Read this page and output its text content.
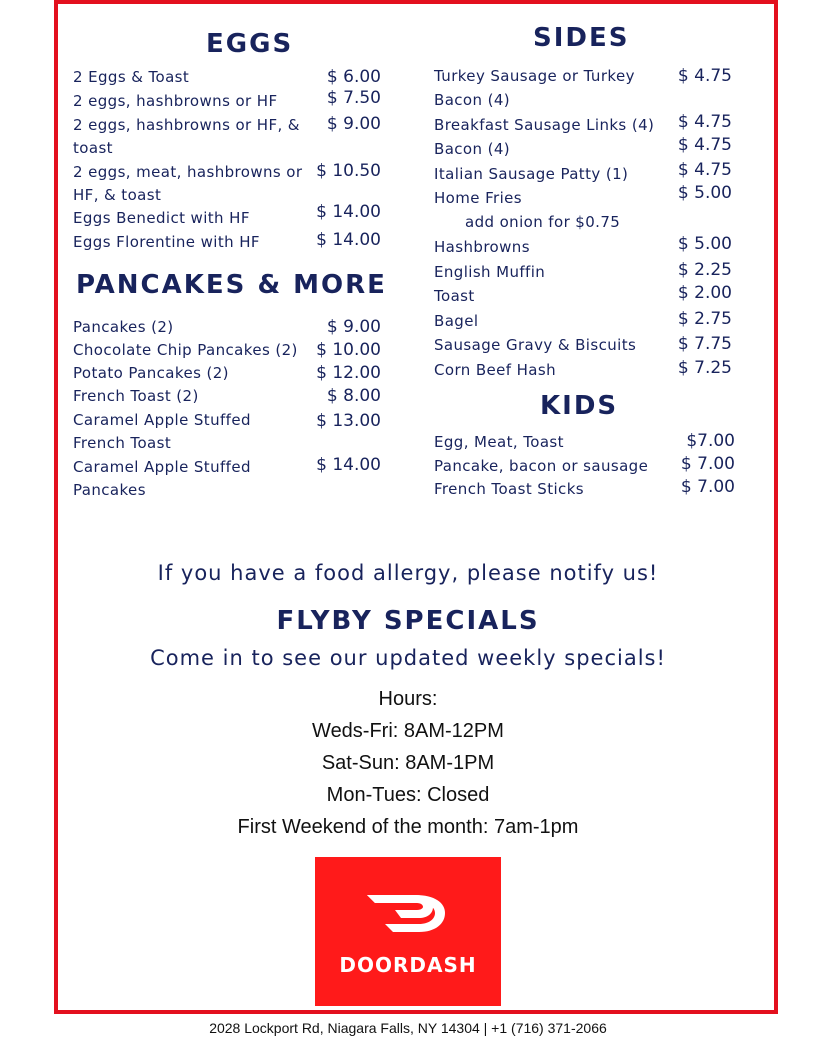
EGGS
2 Eggs & Toast	$ 6.00
2 eggs, hashbrowns or HF	$ 7.50
2 eggs, hashbrowns or HF, &
toast
$ 9.00
2 eggs, meat, hashbrowns or
HF, & toast
$ 10.50
Eggs Benedict with HF	$ 14.00
Eggs Florentine with HF	$ 14.00
PANCAKES & MORE
Pancakes (2)	$ 9.00
Chocolate Chip Pancakes (2) $ 10.00
Potato Pancakes (2)	$ 12.00
French Toast (2)	$ 8.00
Caramel Apple Stuffed
French Toast
$ 13.00
Caramel Apple Stuffed
Pancakes
$ 14.00
SIDES
Turkey Sausage or Turkey
Bacon (4)
$ 4.75
Breakfast Sausage Links (4) $ 4.75
Bacon (4)	$ 4.75
Italian Sausage Patty (1)	$ 4.75
Home Fries	$ 5.00
add onion for $0.75
Hashbrowns	$ 5.00
English Muffin	$ 2.25
Toast	$ 2.00
Bagel	$ 2.75
Sausage Gravy & Biscuits $ 7.75
Corn Beef Hash	$ 7.25
KIDS
Egg, Meat, Toast	$7.00
Pancake, bacon or sausage $ 7.00
French Toast Sticks	$ 7.00
If you have a food allergy, please notify us!
FLYBY SPECIALS
Come in to see our updated weekly specials!
Hours:
Weds-Fri: 8AM-12PM
Sat-Sun: 8AM-1PM
Mon-Tues: Closed
First Weekend of the month: 7am-1pm
DOORDASH
2028 Lockport Rd, Niagara Falls, NY 14304 | +1 (716) 371-2066
